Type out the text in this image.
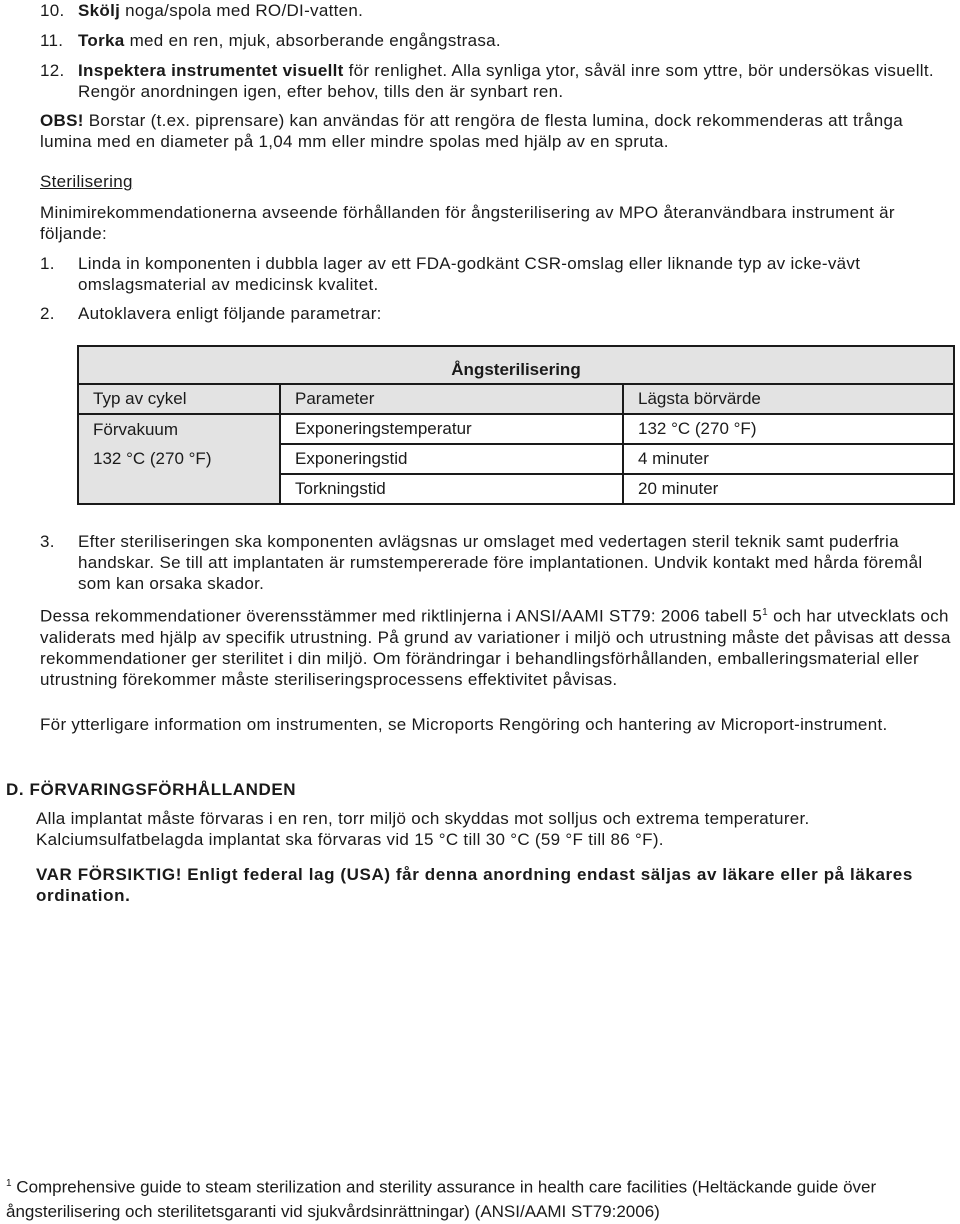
10. Skölj noga/spola med RO/DI-vatten.
11. Torka med en ren, mjuk, absorberande engångstrasa.
12. Inspektera instrumentet visuellt för renlighet. Alla synliga ytor, såväl inre som yttre, bör undersökas visuellt. Rengör anordningen igen, efter behov, tills den är synbart ren.
OBS! Borstar (t.ex. piprensare) kan användas för att rengöra de flesta lumina, dock rekommenderas att trånga lumina med en diameter på 1,04 mm eller mindre spolas med hjälp av en spruta.
Sterilisering
Minimirekommendationerna avseende förhållanden för ångsterilisering av MPO återanvändbara instrument är följande:
1.	Linda in komponenten i dubbla lager av ett FDA-godkänt CSR-omslag eller liknande typ av icke-vävt omslagsmaterial av medicinsk kvalitet.
2.	Autoklavera enligt följande parametrar:
Ångsterilisering		
Typ av cykel	Parameter	Lägsta börvärde
Förvakuum	Exponeringstemperatur	132 °C (270 °F)
132 °C (270 °F)	Exponeringstid	4 minuter
	Torkningstid	20 minuter
3.	Efter steriliseringen ska komponenten avlägsnas ur omslaget med vedertagen steril teknik samt puderfria handskar. Se till att implantaten är rumstempererade före implantationen. Undvik kontakt med hårda föremål som kan orsaka skador.
Dessa rekommendationer överensstämmer med riktlinjerna i ANSI/AAMI ST79: 2006 tabell $5^1$ och har utvecklats och validerats med hjälp av specifik utrustning. På grund av variationer i miljö och utrustning måste det påvisas att dessa rekommendationer ger sterilitet i din miljö. Om förändringar i behandlingsförhållanden, emballeringsmaterial eller utrustning förekommer måste steriliseringsprocessens effektivitet påvisas.
För ytterligare information om instrumenten, se Microports Rengöring och hantering av Microport-instrument.
D. FÖRVARINGSFÖRHÅLLANDEN
Alla implantat måste förvaras i en ren, torr miljö och skyddas mot solljus och extrema temperaturer. Kalciumsulfatbelagda implantat ska förvaras vid 15 °C till 30 °C (59 °F till 86 °F).
VAR FÖRSIKTIG! Enligt federal lag (USA) får denna anordning endast säljas av läkare eller på läkares ordination.
$^1$ Comprehensive guide to steam sterilization and sterility assurance in health care facilities (Heltäckande guide över ångsterilisering och sterilitetsgaranti vid sjukvårdsinrättningar) (ANSI/AAMI ST79:2006)
